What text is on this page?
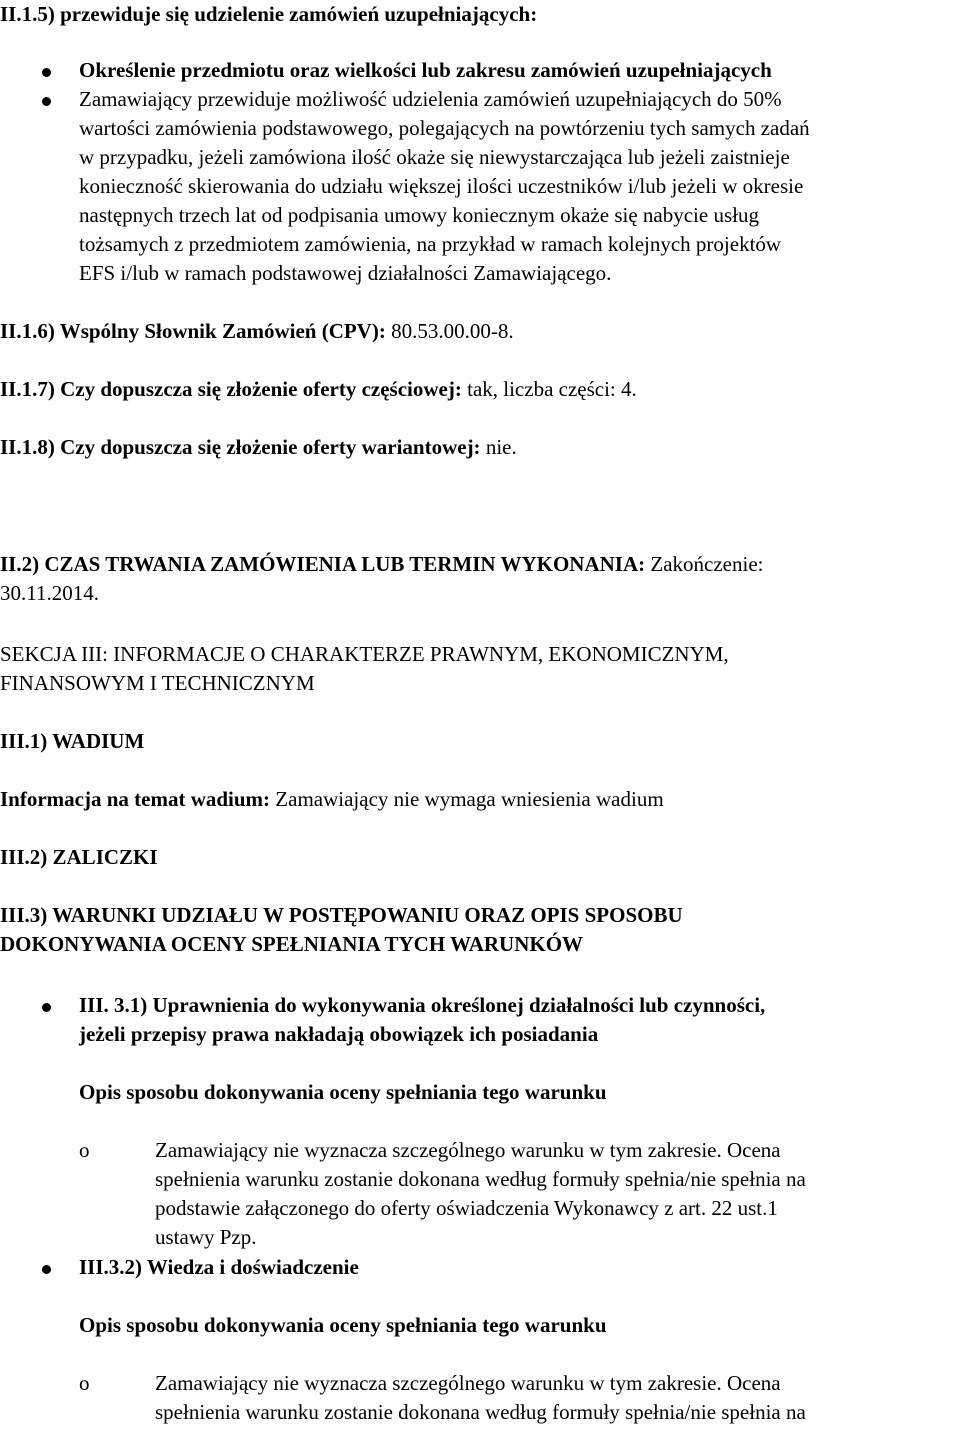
II.1.5) przewiduje się udzielenie zamówień uzupełniających:
Określenie przedmiotu oraz wielkości lub zakresu zamówień uzupełniających
Zamawiający przewiduje możliwość udzielenia zamówień uzupełniających do 50%
wartości zamówienia podstawowego, polegających na powtórzeniu tych samych zadań
w przypadku, jeżeli zamówiona ilość okaże się niewystarczająca lub jeżeli zaistnieje
konieczność skierowania do udziału większej ilości uczestników i/lub jeżeli w okresie
następnych trzech lat od podpisania umowy koniecznym okaże się nabycie usług
tożsamych z przedmiotem zamówienia, na przykład w ramach kolejnych projektów
EFS i/lub w ramach podstawowej działalności Zamawiającego.
II.1.6) Wspólny Słownik Zamówień (CPV): 80.53.00.00-8.
II.1.7) Czy dopuszcza się złożenie oferty częściowej: tak, liczba części: 4.
II.1.8) Czy dopuszcza się złożenie oferty wariantowej: nie.
II.2) CZAS TRWANIA ZAMÓWIENIA LUB TERMIN WYKONANIA: Zakończenie:
30.11.2014.
SEKCJA III: INFORMACJE O CHARAKTERZE PRAWNYM, EKONOMICZNYM,
FINANSOWYM I TECHNICZNYM
III.1) WADIUM
Informacja na temat wadium: Zamawiający nie wymaga wniesienia wadium
III.2) ZALICZKI
III.3) WARUNKI UDZIAŁU W POSTĘPOWANIU ORAZ OPIS SPOSOBU
DOKONYWANIA OCENY SPEŁNIANIA TYCH WARUNKÓW
III. 3.1) Uprawnienia do wykonywania określonej działalności lub czynności,
jeżeli przepisy prawa nakładają obowiązek ich posiadania
Opis sposobu dokonywania oceny spełniania tego warunku
o	Zamawiający nie wyznacza szczególnego warunku w tym zakresie. Ocena
spełnienia warunku zostanie dokonana według formuły spełnia/nie spełnia na
podstawie załączonego do oferty oświadczenia Wykonawcy z art. 22 ust.1
ustawy Pzp.
III.3.2) Wiedza i doświadczenie
Opis sposobu dokonywania oceny spełniania tego warunku
o	Zamawiający nie wyznacza szczególnego warunku w tym zakresie. Ocena
spełnienia warunku zostanie dokonana według formuły spełnia/nie spełnia na
